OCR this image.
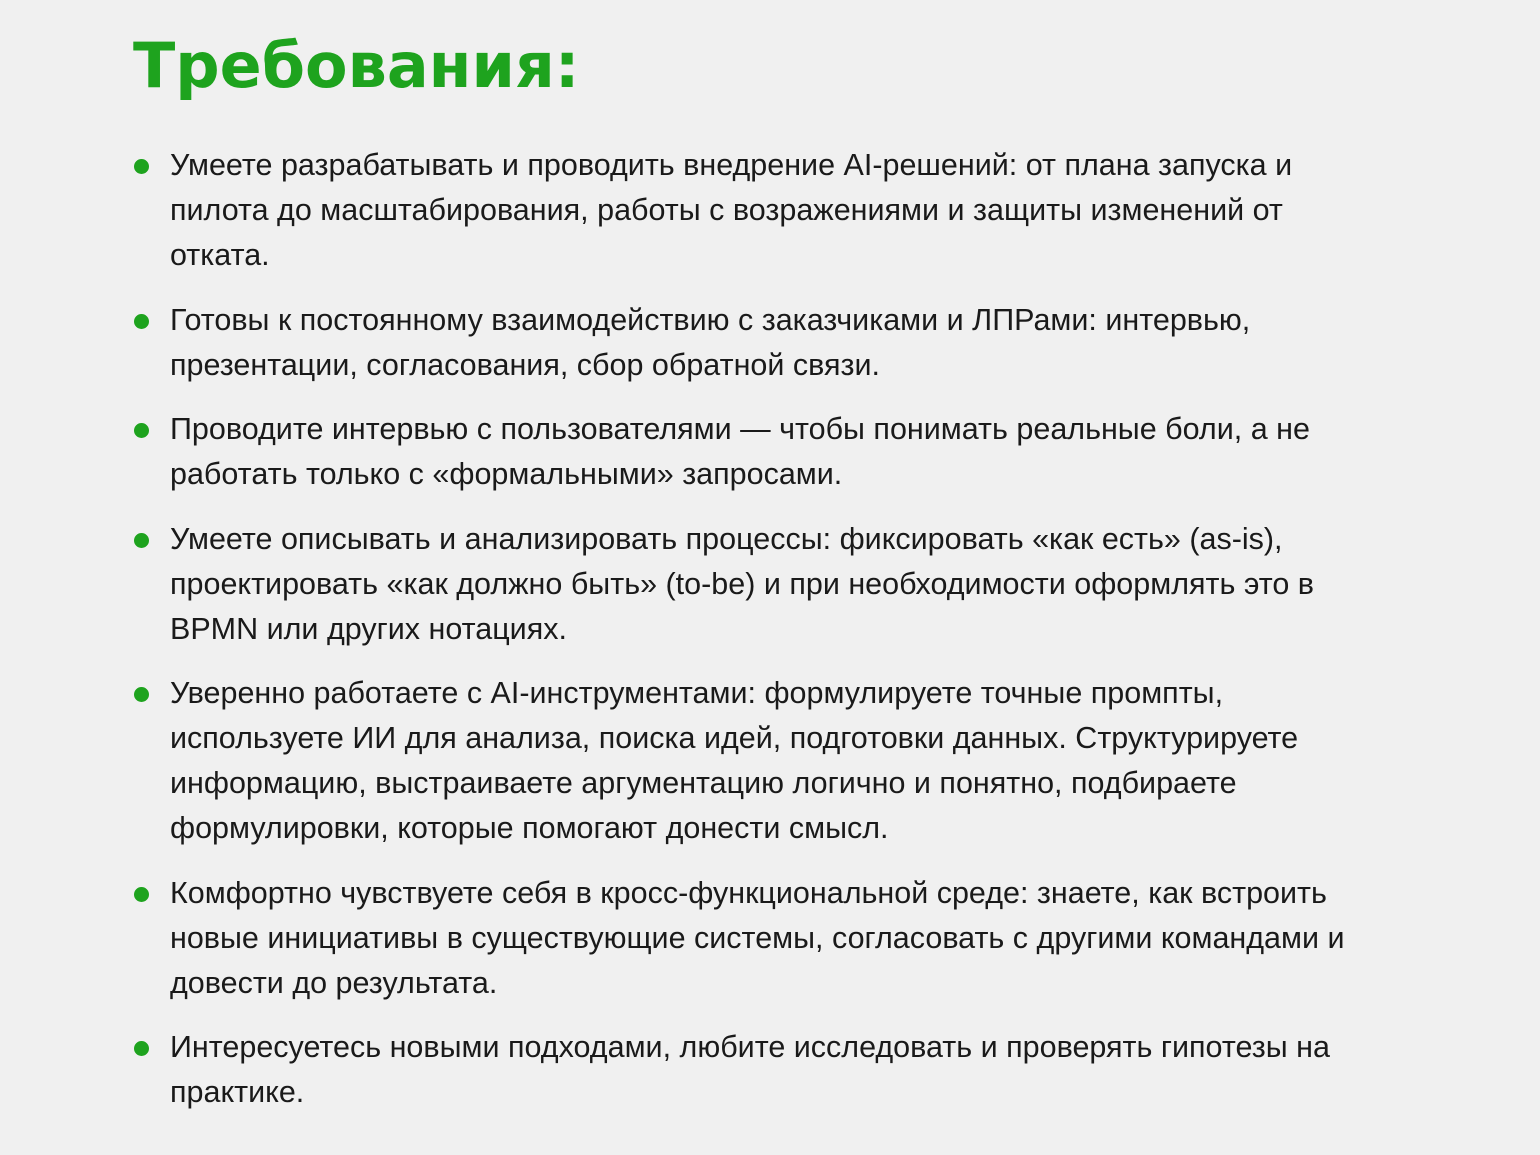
Требования:
Умеете разрабатывать и проводить внедрение AI-решений: от плана запуска и пилота до масштабирования, работы с возражениями и защиты изменений от отката.
Готовы к постоянному взаимодействию с заказчиками и ЛПРами: интервью, презентации, согласования, сбор обратной связи.
Проводите интервью с пользователями — чтобы понимать реальные боли, а не работать только с «формальными» запросами.
Умеете описывать и анализировать процессы: фиксировать «как есть» (as-is), проектировать «как должно быть» (to-be) и при необходимости оформлять это в BPMN или других нотациях.
Уверенно работаете с AI-инструментами: формулируете точные промпты, используете ИИ для анализа, поиска идей, подготовки данных. Структурируете информацию, выстраиваете аргументацию логично и понятно, подбираете формулировки, которые помогают донести смысл.
Комфортно чувствуете себя в кросс-функциональной среде: знаете, как встроить новые инициативы в существующие системы, согласовать с другими командами и довести до результата.
Интересуетесь новыми подходами, любите исследовать и проверять гипотезы на практике.
